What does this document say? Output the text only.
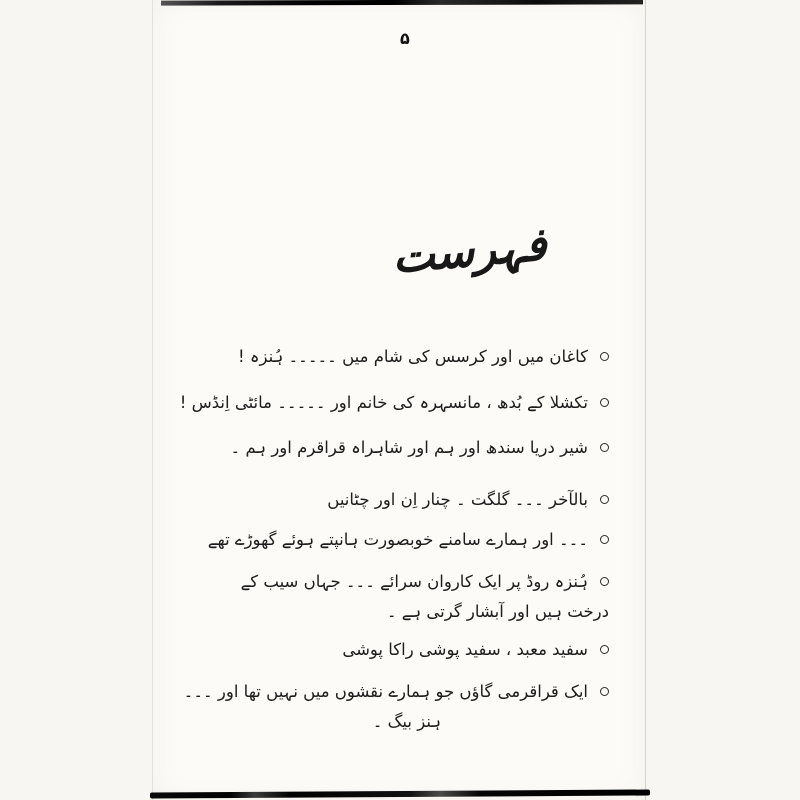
۵
فہرست
کاغان میں اور کرسس کی شام میں ۔۔۔۔۔ ہُنزہ !
تکشلا کے بُدھ ، مانسہرہ کی خانم اور ۔۔۔۔۔ مائٹی اِنڈس !
شیر دریا سندھ اور ہم اور شاہراہ قراقرم اور ہم ۔
بالآخر ۔۔۔ گلگت ۔ چنار اِن اور چٹانیں
۔۔۔ اور ہمارے سامنے خوبصورت ہانپتے ہوئے گھوڑے تھے
ہُنزہ روڈ پر ایک کاروان سرائے ۔۔۔ جہاں سیب کے
درخت ہیں اور آبشار گرتی ہے ۔
سفید معبد ، سفید پوشی راکا پوشی
ایک قراقرمی گاؤں جو ہمارے نقشوں میں نہیں تھا اور ۔۔۔
ہنز بیگ ۔
